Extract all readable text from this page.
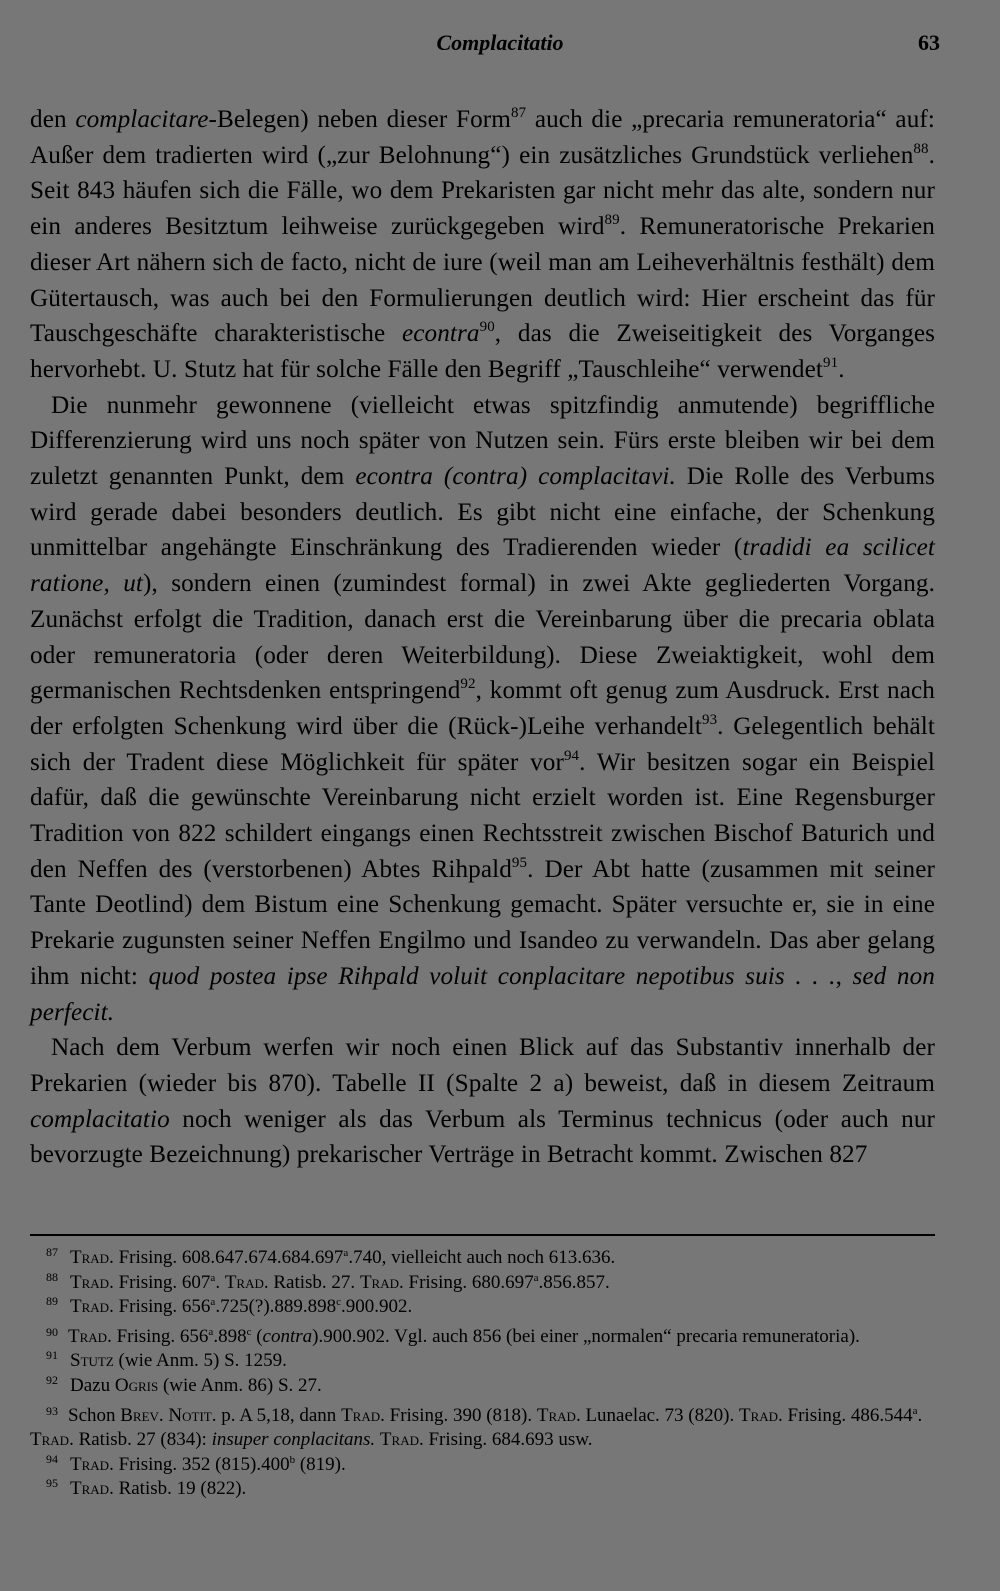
Complacitatio	63

den complacitare-Belegen) neben dieser Form$^{87}$ auch die „precaria remuneratoria“ auf: Außer dem tradierten wird („zur Belohnung“) ein zusätzliches Grundstück verliehen$^{88}$. Seit 843 häufen sich die Fälle, wo dem Prekaristen gar nicht mehr das alte, sondern nur ein anderes Besitztum leihweise zurückgegeben wird$^{89}$. Remuneratorische Prekarien dieser Art nähern sich de facto, nicht de iure (weil man am Leiheverhältnis festhält) dem Gütertausch, was auch bei den Formulierungen deutlich wird: Hier erscheint das für Tauschgeschäfte charakteristische econtra$^{90}$, das die Zweiseitigkeit des Vorganges hervorhebt. U. Stutz hat für solche Fälle den Begriff „Tauschleihe“ verwendet$^{91}$.

Die nunmehr gewonnene (vielleicht etwas spitzfindig anmutende) begriffliche Differenzierung wird uns noch später von Nutzen sein. Fürs erste bleiben wir bei dem zuletzt genannten Punkt, dem econtra (contra) complacitavi. Die Rolle des Verbums wird gerade dabei besonders deutlich. Es gibt nicht eine einfache, der Schenkung unmittelbar angehängte Einschränkung des Tradierenden wieder (tradidi ea scilicet ratione, ut), sondern einen (zumindest formal) in zwei Akte gegliederten Vorgang. Zunächst erfolgt die Tradition, danach erst die Vereinbarung über die precaria oblata oder remuneratoria (oder deren Weiterbildung). Diese Zweiaktigkeit, wohl dem germanischen Rechtsdenken entspringend$^{92}$, kommt oft genug zum Ausdruck. Erst nach der erfolgten Schenkung wird über die (Rück-)Leihe verhandelt$^{93}$. Gelegentlich behält sich der Tradent diese Möglichkeit für später vor$^{94}$. Wir besitzen sogar ein Beispiel dafür, daß die gewünschte Vereinbarung nicht erzielt worden ist. Eine Regensburger Tradition von 822 schildert eingangs einen Rechtsstreit zwischen Bischof Baturich und den Neffen des (verstorbenen) Abtes Rihpald$^{95}$. Der Abt hatte (zusammen mit seiner Tante Deotlind) dem Bistum eine Schenkung gemacht. Später versuchte er, sie in eine Prekarie zugunsten seiner Neffen Engilmo und Isandeo zu verwandeln. Das aber gelang ihm nicht: quod postea ipse Rihpald voluit conplacitare nepotibus suis . . ., sed non perfecit.

Nach dem Verbum werfen wir noch einen Blick auf das Substantiv innerhalb der Prekarien (wieder bis 870). Tabelle II (Spalte 2 a) beweist, daß in diesem Zeitraum complacitatio noch weniger als das Verbum als Terminus technicus (oder auch nur bevorzugte Bezeichnung) prekarischer Verträge in Betracht kommt. Zwischen 827

87 Trad. Frising. 608.647.674.684.697$^a$.740, vielleicht auch noch 613.636.

88 Trad. Frising. 607$^a$. Trad. Ratisb. 27. Trad. Frising. 680.697$^a$.856.857.

89 Trad. Frising. 656$^a$.725(?).889.898$^c$.900.902.

$^{90}$ Trad. Frising. 656$^a$.898$^c$ (contra).900.902. Vgl. auch 856 (bei einer „normalen“ precaria remuneratoria).

91 Stutz (wie Anm. 5) S. 1259.

92 Dazu Ogris (wie Anm. 86) S. 27.

$^{93}$ Schon Brev. Notit. p. A 5,18, dann Trad. Frising. 390 (818). Trad. Lunaelac. 73 (820). Trad. Frising. 486.544$^a$. Trad. Ratisb. 27 (834): insuper conplacitans. Trad. Frising. 684.693 usw.

94 Trad. Frising. 352 (815).400$^b$ (819).

95 Trad. Ratisb. 19 (822).
